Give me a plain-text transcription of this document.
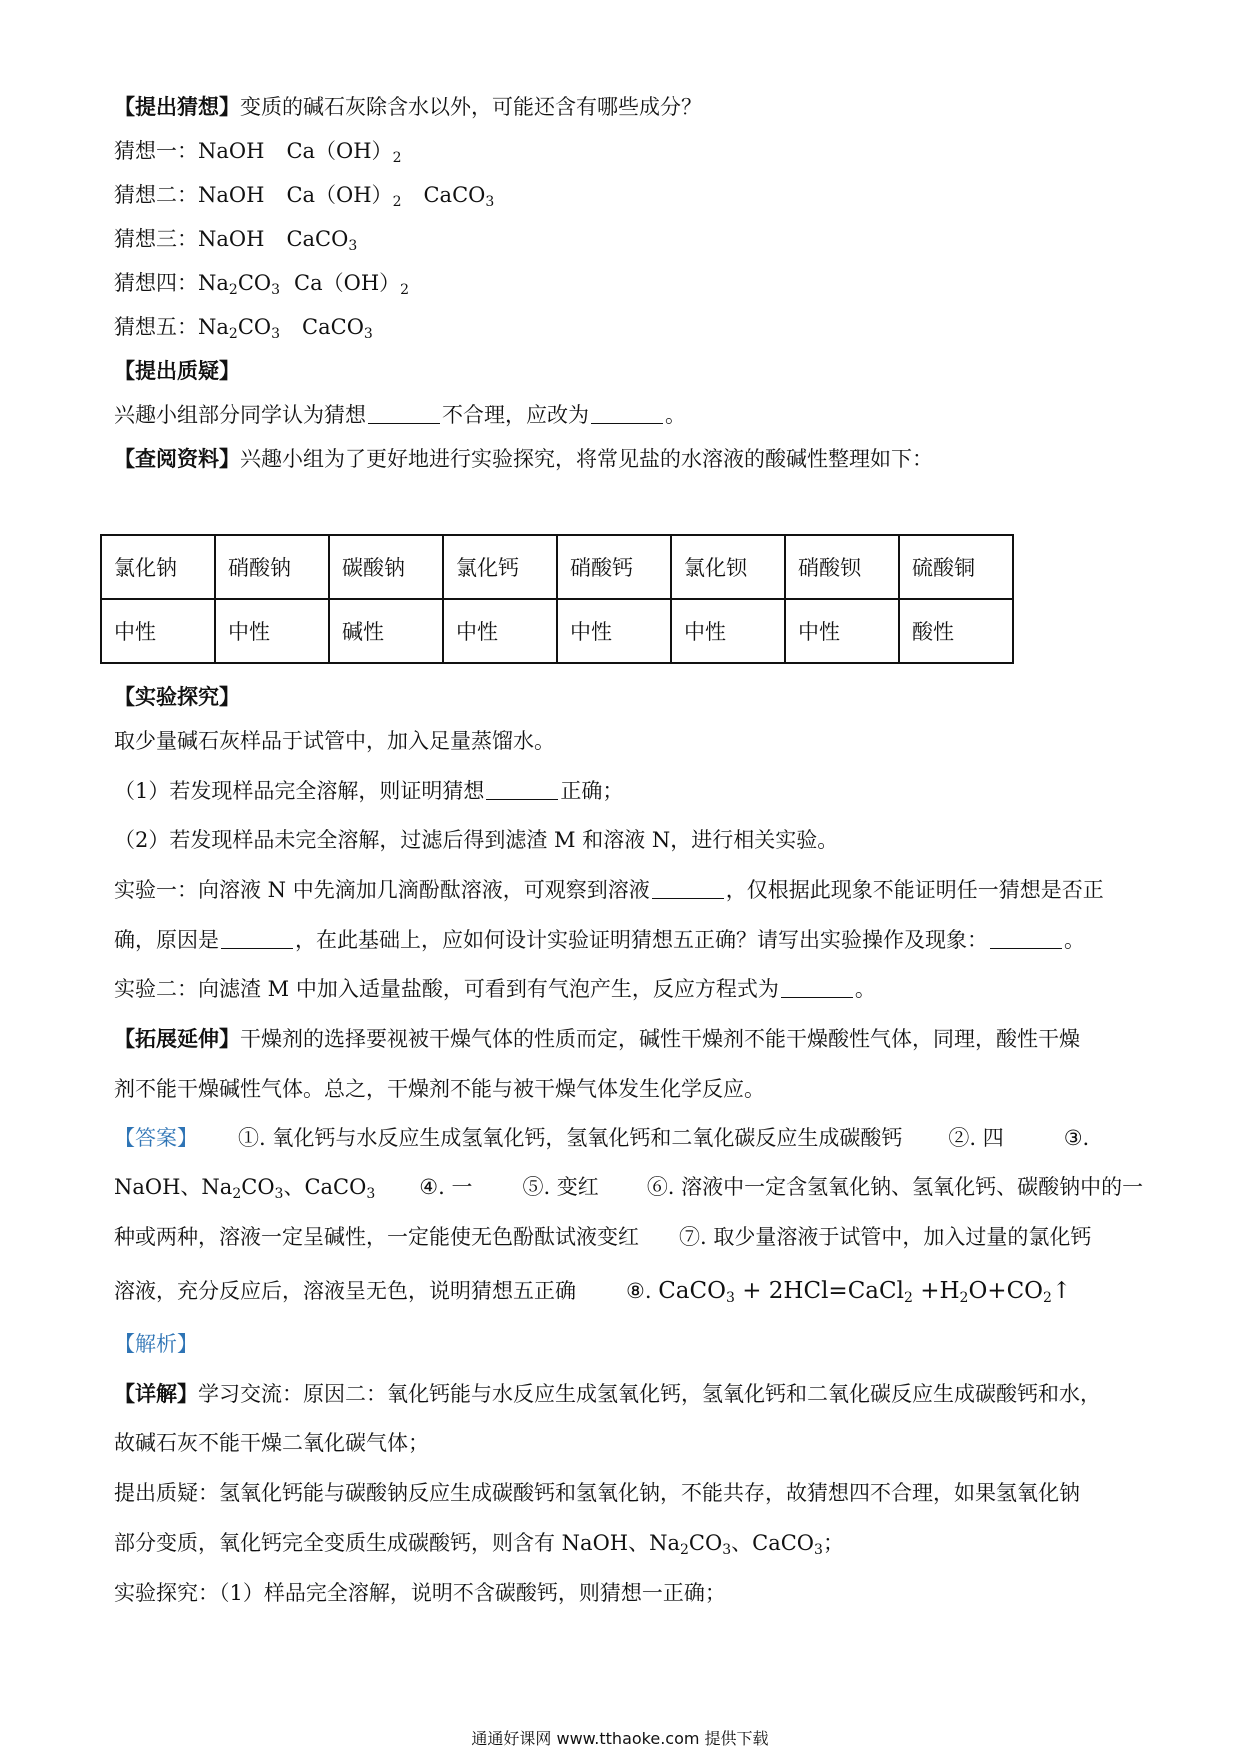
【提出猜想】变质的碱石灰除含水以外，可能还含有哪些成分？
猜想一：NaOH $Ca(OH)_2$
猜想二：NaOH $Ca(OH)_2$ CaCO$_3$
猜想三：NaOH CaCO$_3$
猜想四：$Na_2CO_3$ $Ca(OH)_2$
猜想五：$Na_2CO_3$ CaCO$_3$
【提出质疑】
兴趣小组部分同学认为猜想	不合理，应改为	。
【查阅资料】兴趣小组为了更好地进行实验探究，将常见盐的水溶液的酸碱性整理如下：
氯化钠	硝酸钠	碳酸钠	氯化钙	硝酸钙	氯化钡	硝酸钡	硫酸铜
中性	中性	碱性	中性	中性	中性	中性	酸性
【实验探究】
取少量碱石灰样品于试管中，加入足量蒸馏水。
（1）若发现样品完全溶解，则证明猜想	正确；
（2）若发现样品未完全溶解，过滤后得到滤渣 M 和溶液 N，进行相关实验。
实验一：向溶液 N 中先滴加几滴酚酞溶液，可观察到溶液	，仅根据此现象不能证明任一猜想是否正
确，原因是	，在此基础上，应如何设计实验证明猜想五正确？请写出实验操作及现象：	。
实验二：向滤渣 M 中加入适量盐酸，可看到有气泡产生，反应方程式为	。
【拓展延伸】干燥剂的选择要视被干燥气体的性质而定，碱性干燥剂不能干燥酸性气体，同理，酸性干燥
剂不能干燥碱性气体。总之，干燥剂不能与被干燥气体发生化学反应。
【答案】 ①. 氧化钙与水反应生成氢氧化钙，氢氧化钙和二氧化碳反应生成碳酸钙 ②. 四	③.
NaOH、$Na_2CO_3$、CaCO$_3$ ④. 一 ⑤. 变红 ⑥. 溶液中一定含氢氧化钠、氢氧化钙、碳酸钠中的一
种或两种，溶液一定呈碱性，一定能使无色酚酞试液变红 ⑦. 取少量溶液于试管中，加入过量的氯化钙
溶液，充分反应后，溶液呈无色，说明猜想五正确 ⑧. CaCO$_3$ + 2HCl=CaCl$_2$ $+H_2O+CO_2↑$
【解析】
【详解】学习交流：原因二：氧化钙能与水反应生成氢氧化钙，氢氧化钙和二氧化碳反应生成碳酸钙和水，
故碱石灰不能干燥二氧化碳气体；
提出质疑：氢氧化钙能与碳酸钠反应生成碳酸钙和氢氧化钠，不能共存，故猜想四不合理，如果氢氧化钠
部分变质，氧化钙完全变质生成碳酸钙，则含有 NaOH、$Na_2CO_3$、CaCO$_3$；
实验探究：（1）样品完全溶解，说明不含碳酸钙，则猜想一正确；
通通好课网 www.tthaoke.com 提供下载
